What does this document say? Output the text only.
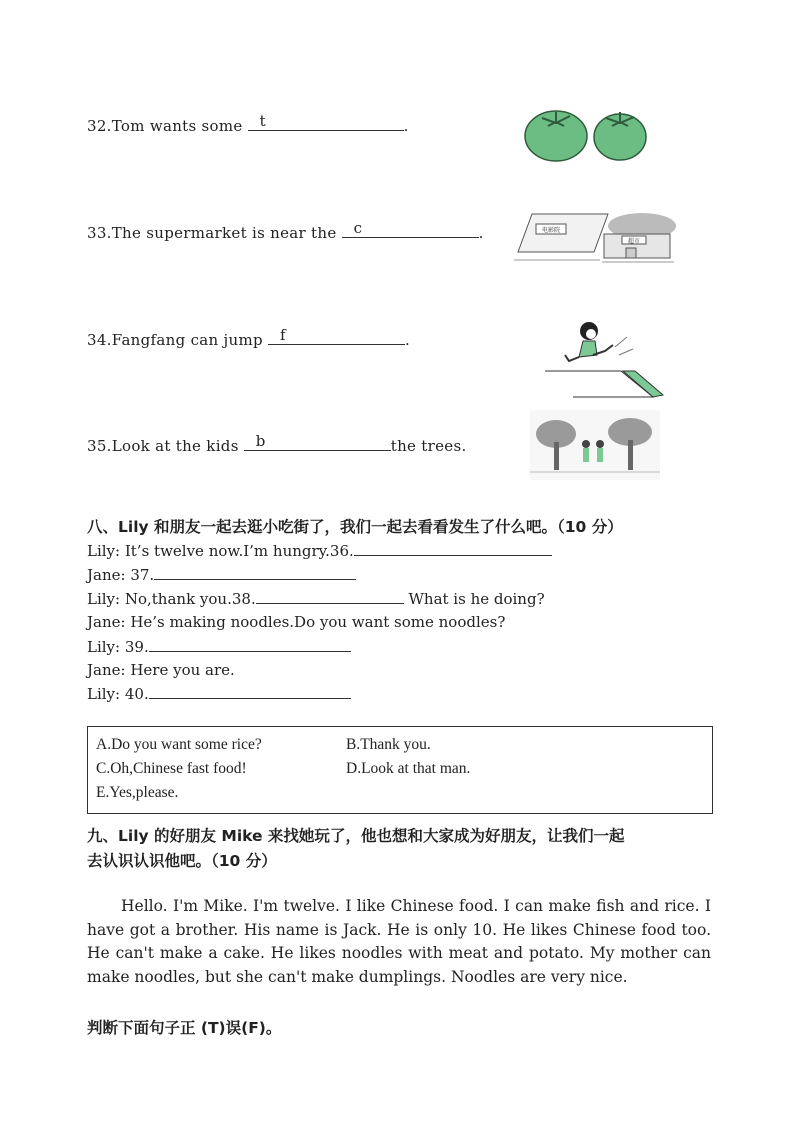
32.Tom wants some t	.
33.The supermarket is near the c	.	电影院
超市
34.Fangfang can jump f	.
35.Look at the kids b	the trees.
八、Lily 和朋友一起去逛小吃街了，我们一起去看看发生了什么吧。（10 分）
Lily: It’s twelve now.I’m hungry.36.
Jane: 37.
Lily: No,thank you.38.	What is he doing?
Jane: He’s making noodles.Do you want some noodles?
Lily: 39.
Jane: Here you are.
Lily: 40.
A.Do you want some rice?	B.Thank you.
C.Oh,Chinese fast food!	D.Look at that man.
E.Yes,please.
九、Lily 的好朋友 Mike 来找她玩了，他也想和大家成为好朋友，让我们一起
去认识认识他吧。（10 分）

Hello. I'm Mike. I'm twelve. I like Chinese food. I can make fish and rice. I have got a brother. His name is Jack. He is only 10. He likes Chinese food too. He can't make a cake. He likes noodles with meat and potato. My mother can make noodles, but she can't make dumplings. Noodles are very nice.

判断下面句子正 (T)误(F)。
